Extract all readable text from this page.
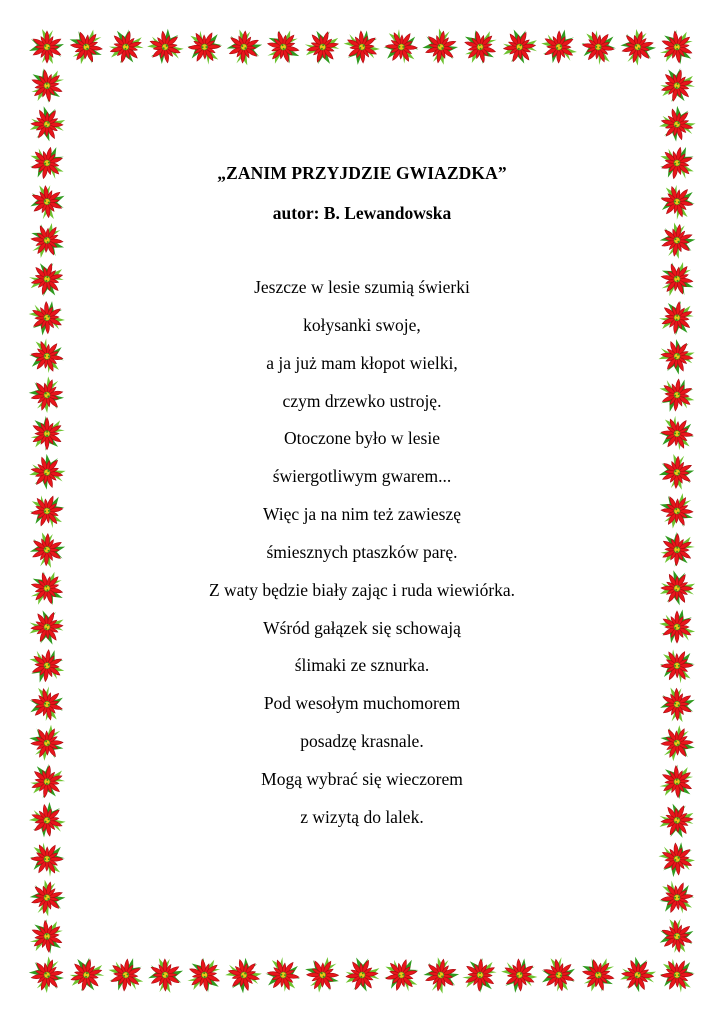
„ZANIM PRZYJDZIE GWIAZDKA”
autor: B. Lewandowska
Jeszcze w lesie szumią świerki
kołysanki swoje,
a ja już mam kłopot wielki,
czym drzewko ustroję.
Otoczone było w lesie
świergotliwym gwarem...
Więc ja na nim też zawieszę
śmiesznych ptaszków parę.
Z waty będzie biały zając i ruda wiewiórka.
Wśród gałązek się schowają
ślimaki ze sznurka.
Pod wesołym muchomorem
posadzę krasnale.
Mogą wybrać się wieczorem
z wizytą do lalek.
